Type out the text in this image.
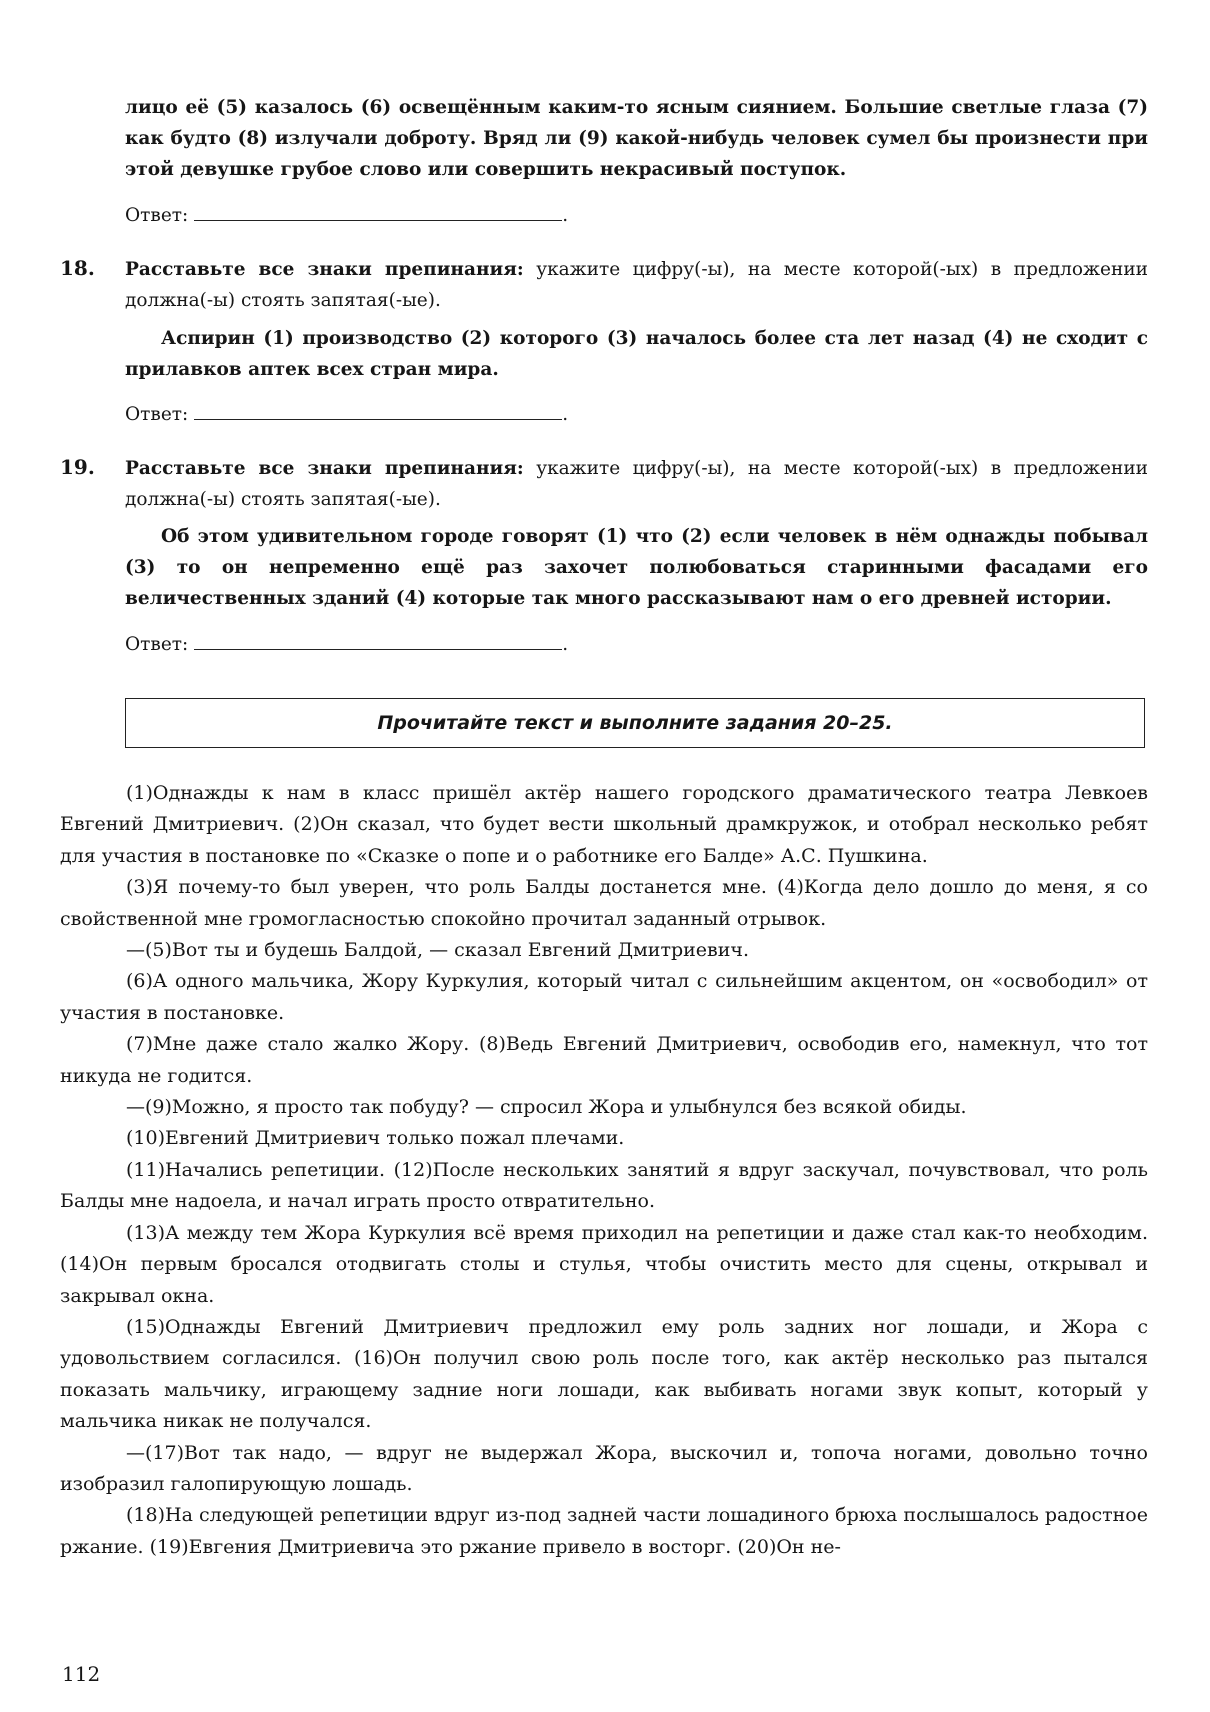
лицо её (5) казалось (6) освещённым каким-то ясным сиянием. Большие светлые глаза (7) как будто (8) излучали доброту. Вряд ли (9) какой-нибудь человек сумел бы произнести при этой девушке грубое слово или совершить некрасивый поступок.

Ответ:	.
18. Расставьте все знаки препинания: укажите цифру(-ы), на месте которой(-ых) в предложении должна(-ы) стоять запятая(-ые).

Аспирин (1) производство (2) которого (3) началось более ста лет назад (4) не сходит с прилавков аптек всех стран мира.

Ответ:	.
19. Расставьте все знаки препинания: укажите цифру(-ы), на месте которой(-ых) в предложении должна(-ы) стоять запятая(-ые).

Об этом удивительном городе говорят (1) что (2) если человек в нём однажды побывал (3) то он непременно ещё раз захочет полюбоваться старинными фасадами его величественных зданий (4) которые так много рассказывают нам о его древней истории.

Ответ:	.
Прочитайте текст и выполните задания 20–25.

(1)Однажды к нам в класс пришёл актёр нашего городского драматического театра Левкоев Евгений Дмитриевич. (2)Он сказал, что будет вести школьный драмкружок, и отобрал несколько ребят для участия в постановке по «Сказке о попе и о работнике его Балде» А.С. Пушкина.

(3)Я почему-то был уверен, что роль Балды достанется мне. (4)Когда дело дошло до меня, я со свойственной мне громогласностью спокойно прочитал заданный отрывок.

—(5)Вот ты и будешь Балдой, — сказал Евгений Дмитриевич.

(6)А одного мальчика, Жору Куркулия, который читал с сильнейшим акцентом, он «освободил» от участия в постановке.

(7)Мне даже стало жалко Жору. (8)Ведь Евгений Дмитриевич, освободив его, намекнул, что тот никуда не годится.

—(9)Можно, я просто так побуду? — спросил Жора и улыбнулся без всякой обиды.

(10)Евгений Дмитриевич только пожал плечами.

(11)Начались репетиции. (12)После нескольких занятий я вдруг заскучал, почувствовал, что роль Балды мне надоела, и начал играть просто отвратительно.

(13)А между тем Жора Куркулия всё время приходил на репетиции и даже стал как-то необходим. (14)Он первым бросался отодвигать столы и стулья, чтобы очистить место для сцены, открывал и закрывал окна.

(15)Однажды Евгений Дмитриевич предложил ему роль задних ног лошади, и Жора с удовольствием согласился. (16)Он получил свою роль после того, как актёр несколько раз пытался показать мальчику, играющему задние ноги лошади, как выбивать ногами звук копыт, который у мальчика никак не получался.

—(17)Вот так надо, — вдруг не выдержал Жора, выскочил и, топоча ногами, довольно точно изобразил галопирующую лошадь.

(18)На следующей репетиции вдруг из-под задней части лошадиного брюха послышалось радостное ржание. (19)Евгения Дмитриевича это ржание привело в восторг. (20)Он не-

112
